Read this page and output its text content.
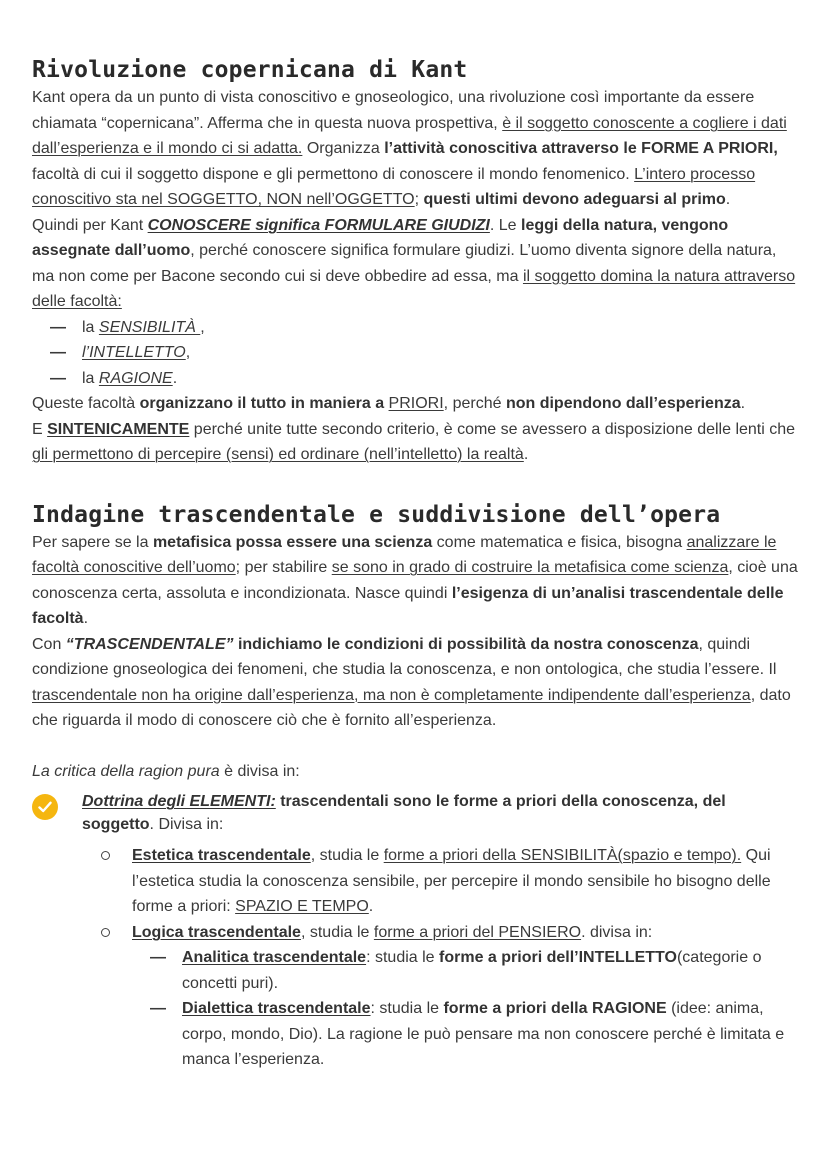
Rivoluzione copernicana di Kant

Kant opera da un punto di vista conoscitivo e gnoseologico, una rivoluzione così importante da essere chiamata “copernicana”. Afferma che in questa nuova prospettiva, è il soggetto conoscente a cogliere i dati dall’esperienza e il mondo ci si adatta. Organizza l’attività conoscitiva attraverso le FORME A PRIORI, facoltà di cui il soggetto dispone e gli permettono di conoscere il mondo fenomenico. L’intero processo conoscitivo sta nel SOGGETTO, NON nell’OGGETTO; questi ultimi devono adeguarsi al primo.

Quindi per Kant CONOSCERE significa FORMULARE GIUDIZI. Le leggi della natura, vengono assegnate dall’uomo, perché conoscere significa formulare giudizi. L’uomo diventa signore della natura, ma non come per Bacone secondo cui si deve obbedire ad essa, ma il soggetto domina la natura attraverso delle facoltà:

— la SENSIBILITÀ ,
— l’INTELLETTO,
— la RAGIONE.

Queste facoltà organizzano il tutto in maniera a PRIORI, perché non dipendono dall’esperienza.

E SINTENICAMENTE perché unite tutte secondo criterio, è come se avessero a disposizione delle lenti che gli permettono di percepire (sensi) ed ordinare (nell’intelletto) la realtà.

Indagine trascendentale e suddivisione dell’opera

Per sapere se la metafisica possa essere una scienza come matematica e fisica, bisogna analizzare le facoltà conoscitive dell’uomo; per stabilire se sono in grado di costruire la metafisica come scienza, cioè una conoscenza certa, assoluta e incondizionata. Nasce quindi l’esigenza di un’analisi trascendentale delle facoltà.

Con “TRASCENDENTALE” indichiamo le condizioni di possibilità da nostra conoscenza, quindi condizione gnoseologica dei fenomeni, che studia la conoscenza, e non ontologica, che studia l’essere. Il trascendentale non ha origine dall’esperienza, ma non è completamente indipendente dall’esperienza, dato che riguarda il modo di conoscere ciò che è fornito all’esperienza.

La critica della ragion pura è divisa in:

Dottrina degli ELEMENTI: trascendentali sono le forme a priori della conoscenza, del soggetto. Divisa in:
Estetica trascendentale, studia le forme a priori della SENSIBILITÀ(spazio e tempo). Qui l’estetica studia la conoscenza sensibile, per percepire il mondo sensibile ho bisogno delle forme a priori: SPAZIO E TEMPO.
Logica trascendentale, studia le forme a priori del PENSIERO. divisa in:
— Analitica trascendentale: studia le forme a priori dell’INTELLETTO(categorie o concetti puri).
— Dialettica trascendentale: studia le forme a priori della RAGIONE (idee: anima, corpo, mondo, Dio). La ragione le può pensare ma non conoscere perché è limitata e manca l’esperienza.
